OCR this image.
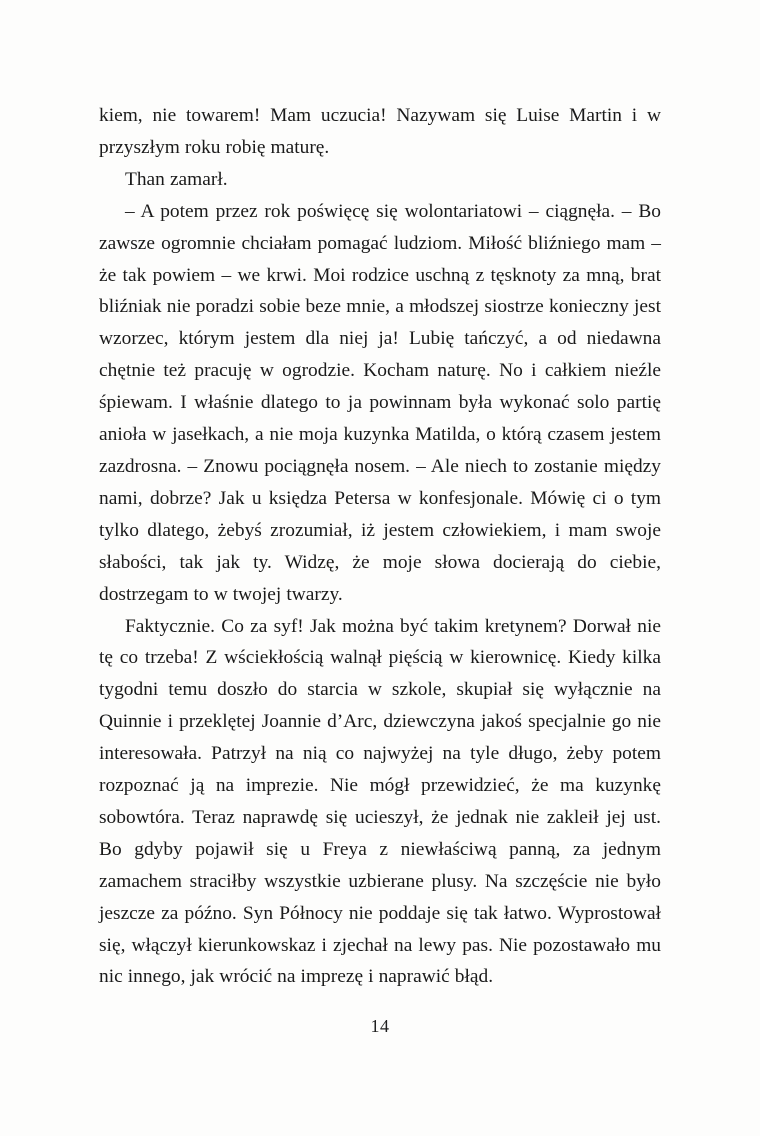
kiem, nie towarem! Mam uczucia! Nazywam się Luise Martin i w przyszłym roku robię maturę.

Than zamarł.

– A potem przez rok poświęcę się wolontariatowi – ciągnęła. – Bo zawsze ogromnie chciałam pomagać ludziom. Miłość bliźniego mam – że tak powiem – we krwi. Moi rodzice uschną z tęsknoty za mną, brat bliźniak nie poradzi sobie beze mnie, a młodszej siostrze konieczny jest wzorzec, którym jestem dla niej ja! Lubię tańczyć, a od niedawna chętnie też pracuję w ogrodzie. Kocham naturę. No i całkiem nieźle śpiewam. I właśnie dlatego to ja powinnam była wykonać solo partię anioła w jasełkach, a nie moja kuzynka Matilda, o którą czasem jestem zazdrosna. – Znowu pociągnęła nosem. – Ale niech to zostanie między nami, dobrze? Jak u księdza Petersa w konfesjonale. Mówię ci o tym tylko dlatego, żebyś zrozumiał, iż jestem człowiekiem, i mam swoje słabości, tak jak ty. Widzę, że moje słowa docierają do ciebie, dostrzegam to w twojej twarzy.

Faktycznie. Co za syf! Jak można być takim kretynem? Dorwał nie tę co trzeba! Z wściekłością walnął pięścią w kierownicę. Kiedy kilka tygodni temu doszło do starcia w szkole, skupiał się wyłącznie na Quinnie i przeklętej Joannie d’Arc, dziewczyna jakoś specjalnie go nie interesowała. Patrzył na nią co najwyżej na tyle długo, żeby potem rozpoznać ją na imprezie. Nie mógł przewidzieć, że ma kuzynkę sobowtóra. Teraz naprawdę się ucieszył, że jednak nie zakleił jej ust. Bo gdyby pojawił się u Freya z niewłaściwą panną, za jednym zamachem straciłby wszystkie uzbierane plusy. Na szczęście nie było jeszcze za późno. Syn Północy nie poddaje się tak łatwo. Wyprostował się, włączył kierunkowskaz i zjechał na lewy pas. Nie pozostawało mu nic innego, jak wrócić na imprezę i naprawić błąd.

14
